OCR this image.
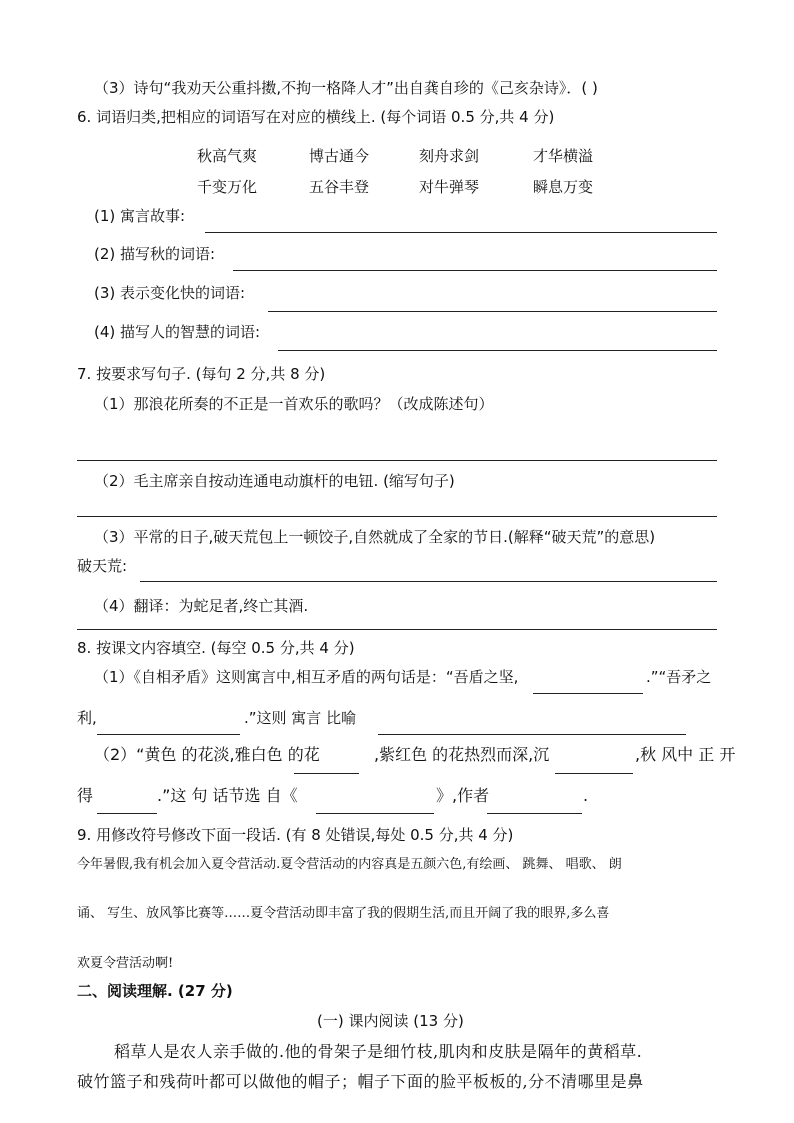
（3）诗句“我劝天公重抖擞,不拘一格降人才”出自龚自珍的《己亥杂诗》．( )
6. 词语归类,把相应的词语写在对应的横线上. (每个词语 0.5 分,共 4 分)
秋高气爽	博古通今	刻舟求剑	才华横溢
千变万化	五谷丰登	对牛弹琴	瞬息万变
(1) 寓言故事:
(2) 描写秋的词语:
(3) 表示变化快的词语:
(4) 描写人的智慧的词语:
7. 按要求写句子. (每句 2 分,共 8 分)
（1）那浪花所奏的不正是一首欢乐的歌吗？（改成陈述句）
（2）毛主席亲自按动连通电动旗杆的电钮. (缩写句子)
（3）平常的日子,破天荒包上一顿饺子,自然就成了全家的节日.(解释“破天荒”的意思)
破天荒:
（4）翻译：为蛇足者,终亡其酒.
8. 按课文内容填空. (每空 0.5 分,共 4 分)
（1）《自相矛盾》这则寓言中,相互矛盾的两句话是：“吾盾之坚,	.”“吾矛之
利,	.”这则 寓言 比喻
（2）“黄色 的花淡,雅白色 的花	,紫红色 的花热烈而深,沉	,秋 风中 正 开
得	.”这 句 话节选 自《	》,作者	.
9. 用修改符号修改下面一段话. (有 8 处错误,每处 0.5 分,共 4 分)
今年暑假,我有机会加入夏令营活动.夏令营活动的内容真是五颜六色,有绘画、 跳舞、 唱歌、 朗
诵、 写生、放风筝比赛等……夏令营活动即丰富了我的假期生活,而且开阔了我的眼界,多么喜
欢夏令营活动啊!
二、阅读理解. (27 分)
(一) 课内阅读 (13 分)
稻草人是农人亲手做的.他的骨架子是细竹枝,肌肉和皮肤是隔年的黄稻草.
破竹篮子和残荷叶都可以做他的帽子；帽子下面的脸平板板的,分不清哪里是鼻
